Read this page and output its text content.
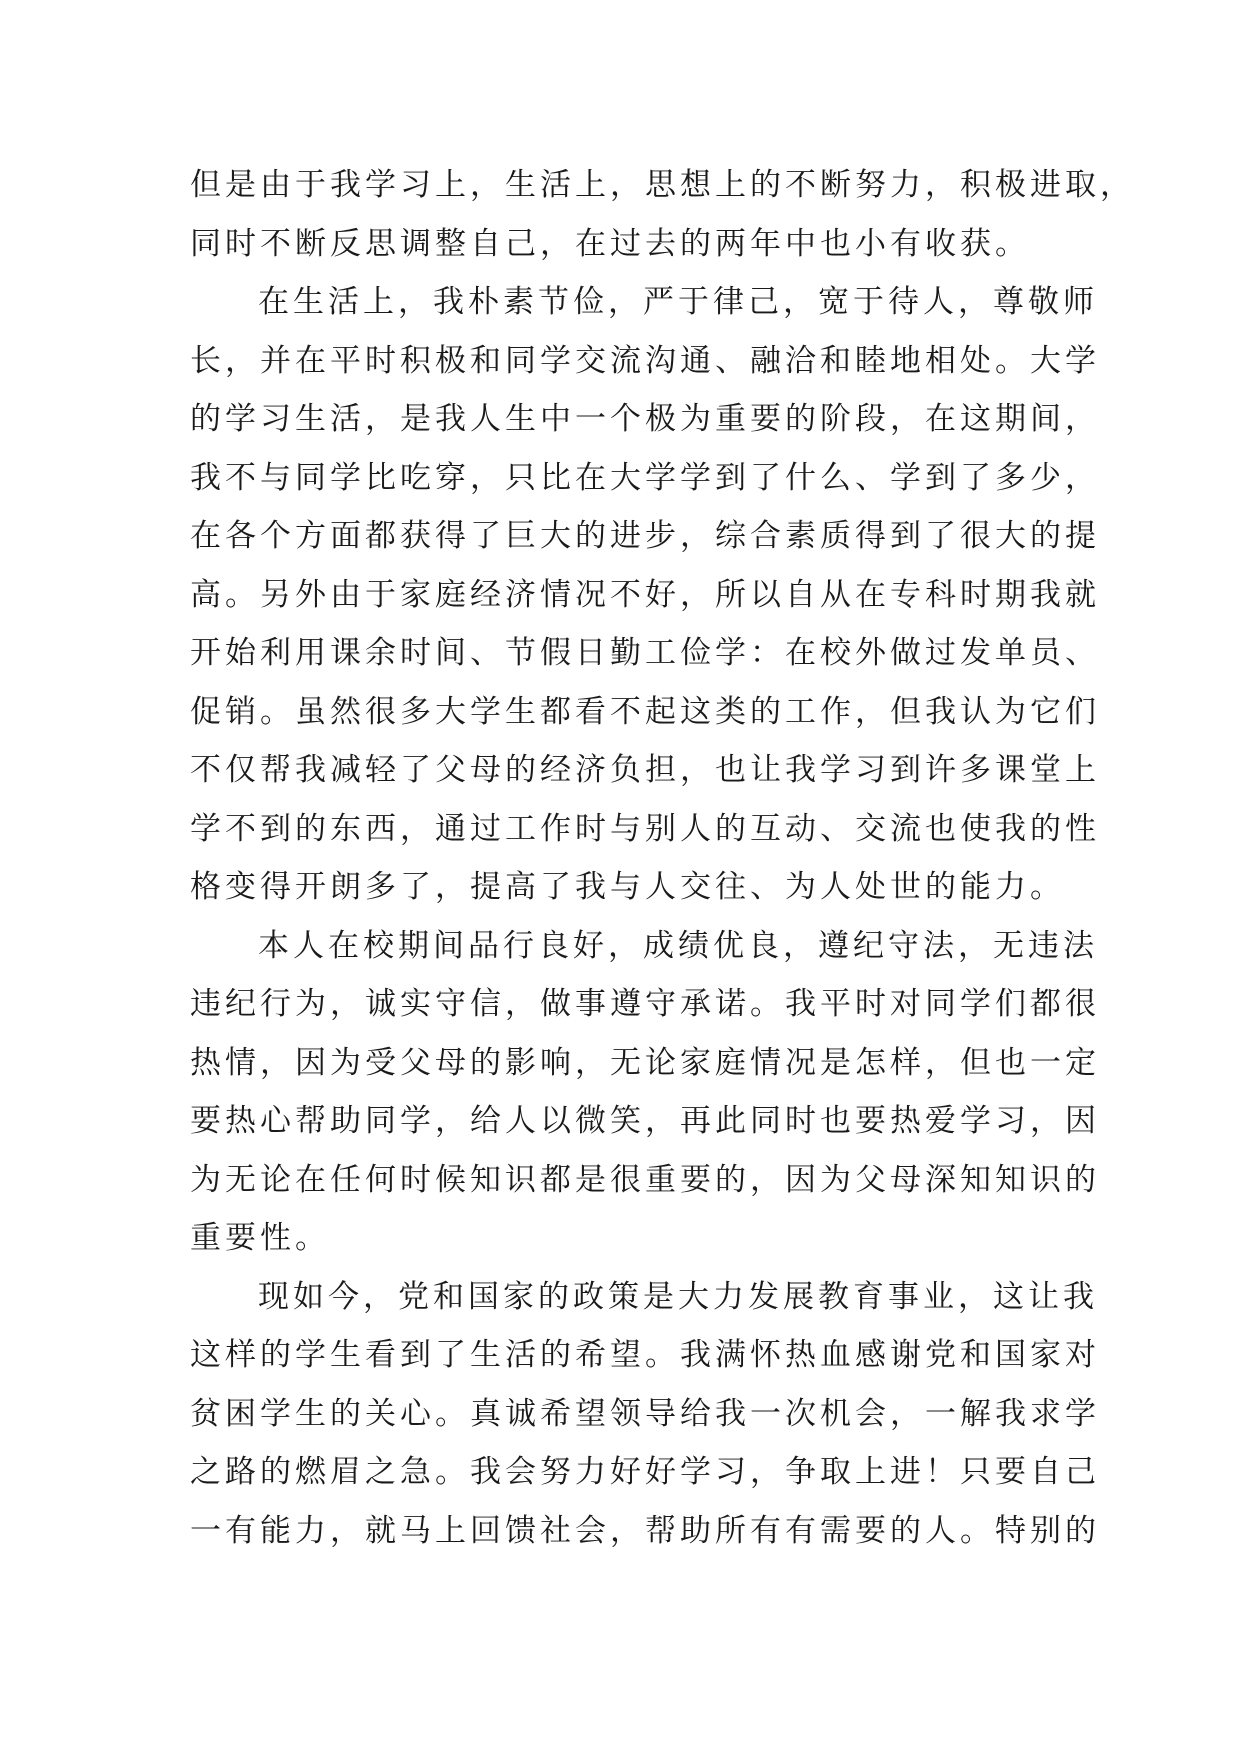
但是由于我学习上，生活上，思想上的不断努力，积极进取，
同时不断反思调整自己，在过去的两年中也小有收获。
在生活上，我朴素节俭，严于律己，宽于待人，尊敬师
长，并在平时积极和同学交流沟通、融洽和睦地相处。大学
的学习生活，是我人生中一个极为重要的阶段，在这期间，
我不与同学比吃穿，只比在大学学到了什么、学到了多少，
在各个方面都获得了巨大的进步，综合素质得到了很大的提
高。另外由于家庭经济情况不好，所以自从在专科时期我就
开始利用课余时间、节假日勤工俭学：在校外做过发单员、
促销。虽然很多大学生都看不起这类的工作，但我认为它们
不仅帮我减轻了父母的经济负担，也让我学习到许多课堂上
学不到的东西，通过工作时与别人的互动、交流也使我的性
格变得开朗多了，提高了我与人交往、为人处世的能力。
本人在校期间品行良好，成绩优良，遵纪守法，无违法
违纪行为，诚实守信，做事遵守承诺。我平时对同学们都很
热情，因为受父母的影响，无论家庭情况是怎样，但也一定
要热心帮助同学，给人以微笑，再此同时也要热爱学习，因
为无论在任何时候知识都是很重要的，因为父母深知知识的
重要性。
现如今，党和国家的政策是大力发展教育事业，这让我
这样的学生看到了生活的希望。我满怀热血感谢党和国家对
贫困学生的关心。真诚希望领导给我一次机会，一解我求学
之路的燃眉之急。我会努力好好学习，争取上进！只要自己
一有能力，就马上回馈社会，帮助所有有需要的人。特别的
